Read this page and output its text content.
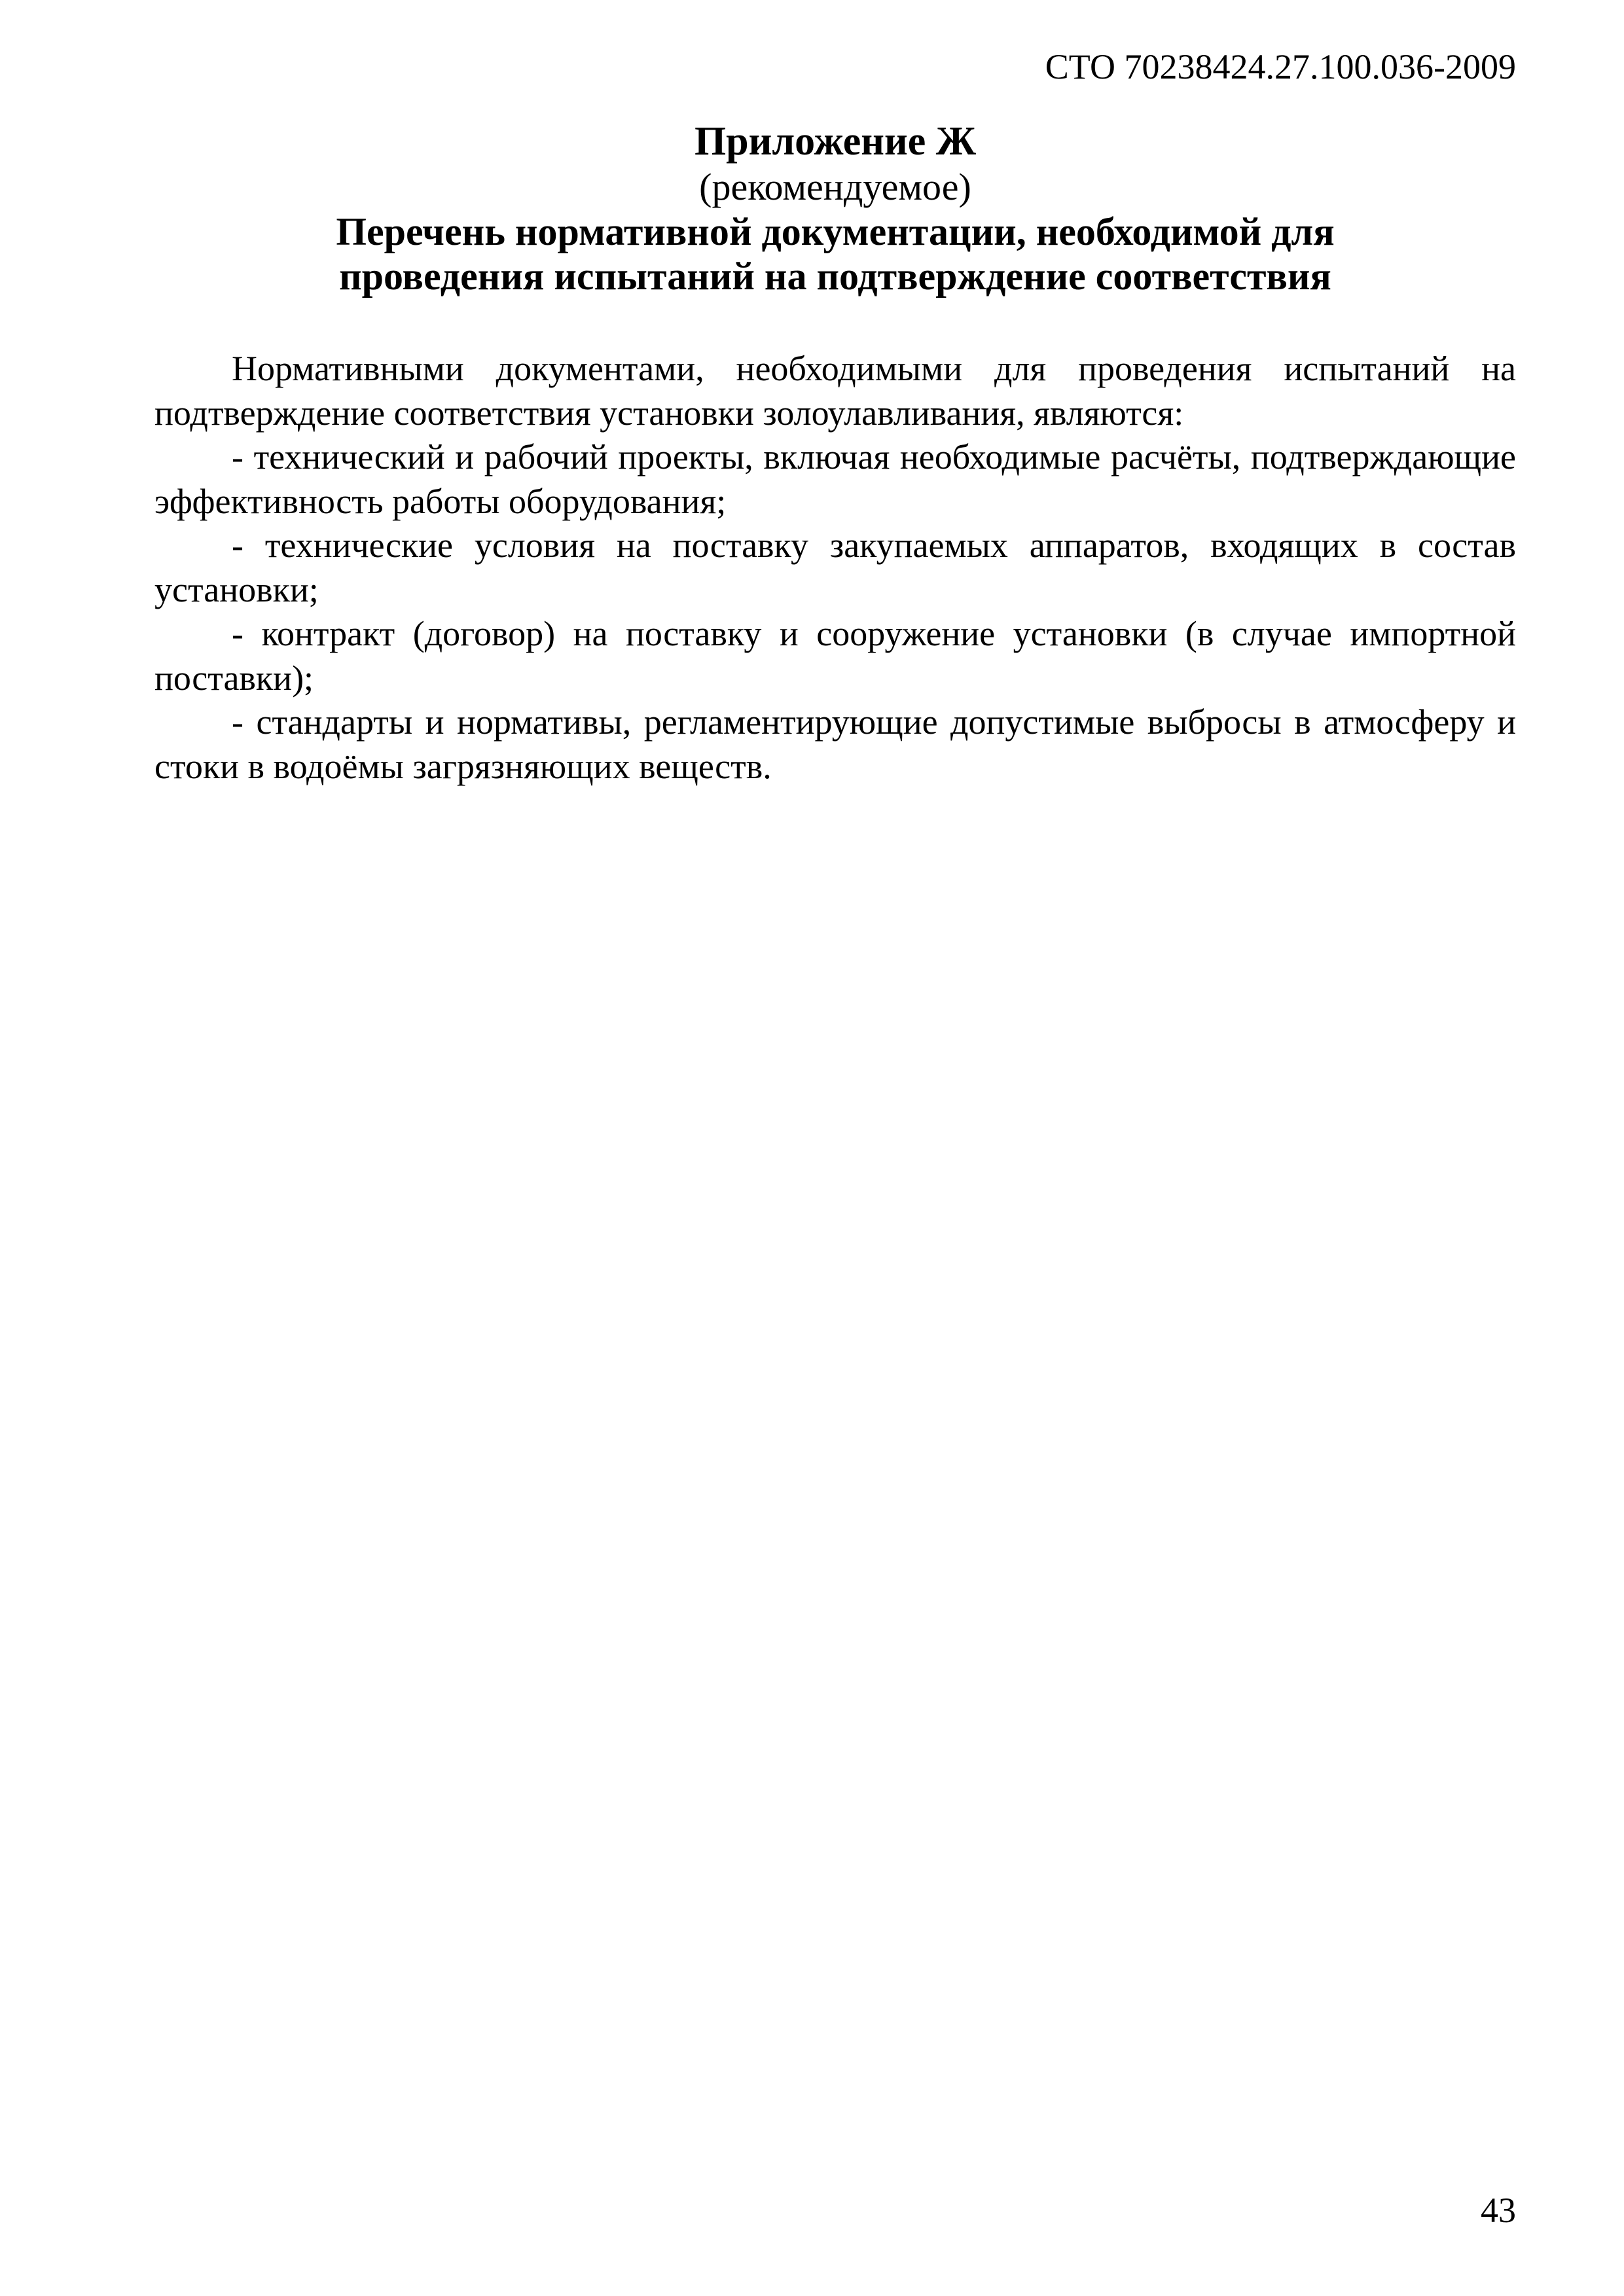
СТО 70238424.27.100.036-2009

Приложение Ж

(рекомендуемое)

Перечень нормативной документации, необходимой для

проведения испытаний на подтверждение соответствия

Нормативными документами, необходимыми для проведения испытаний на подтверждение соответствия установки золоулавливания, являются:

- технический и рабочий проекты, включая необходимые расчёты, подтверждающие эффективность работы оборудования;

- технические условия на поставку закупаемых аппаратов, входящих в состав установки;

- контракт (договор) на поставку и сооружение установки (в случае импортной поставки);

- стандарты и нормативы, регламентирующие допустимые выбросы в атмосферу и стоки в водоёмы загрязняющих веществ.

43
